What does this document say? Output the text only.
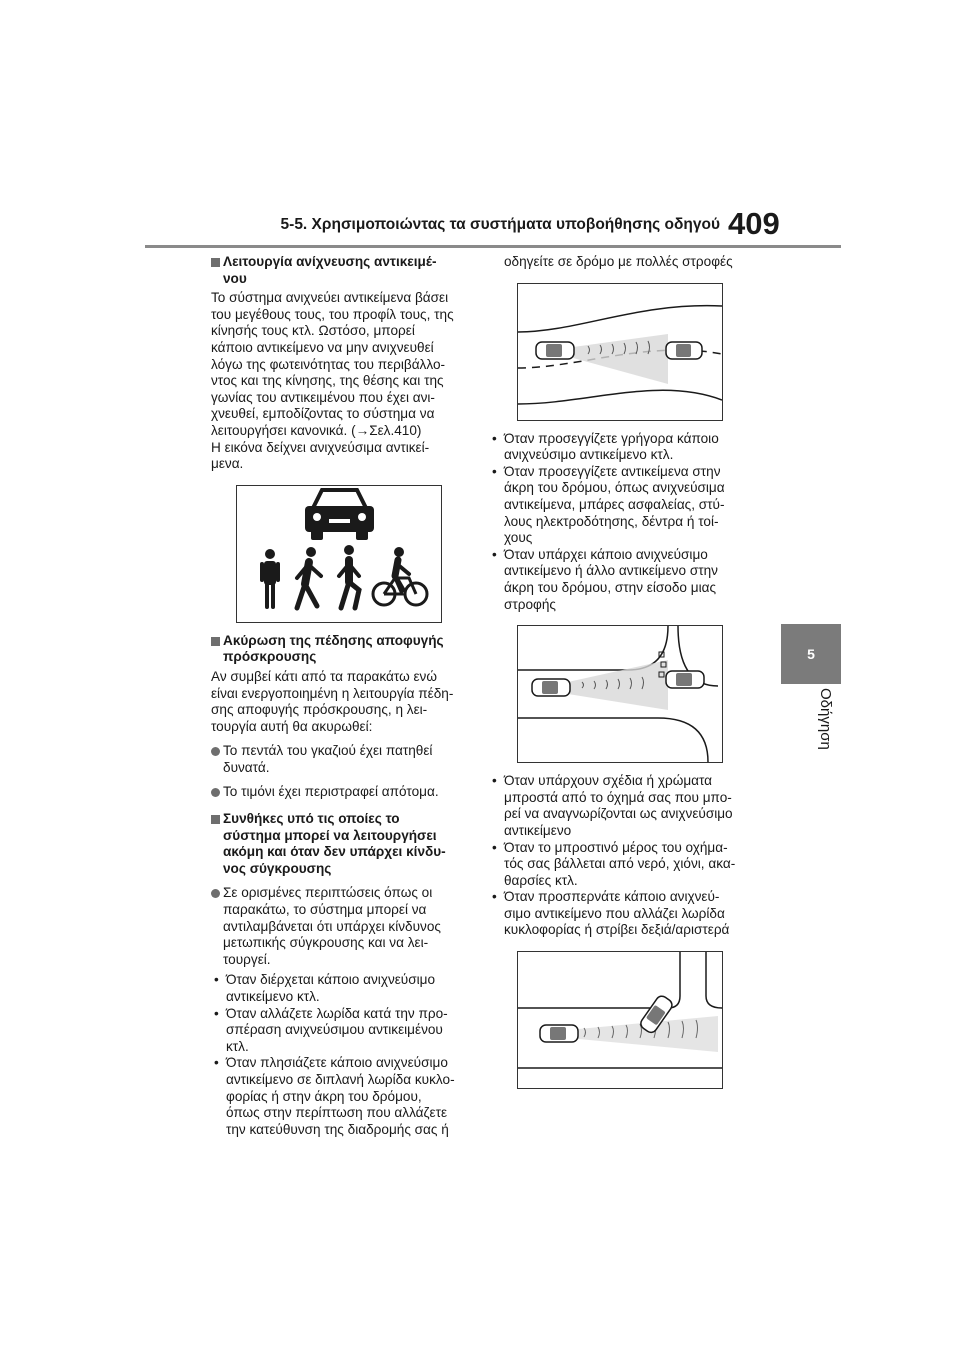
5-5. Χρησιμοποιώντας τα συστήματα υποβοήθησης οδηγού 409
5
Οδήγηση
Λειτουργία ανίχνευσης αντικειμέ-
νου

Το σύστημα ανιχνεύει αντικείμενα βάσει
του μεγέθους τους, του προφίλ τους, της
κίνησής τους κτλ. Ωστόσο, μπορεί
κάποιο αντικείμενο να μην ανιχνευθεί
λόγω της φωτεινότητας του περιβάλλο-
ντος και της κίνησης, της θέσης και της
γωνίας του αντικειμένου που έχει ανι-
χνευθεί, εμποδίζοντας το σύστημα να
λειτουργήσει κανονικά. (→Σελ.410)
Η εικόνα δείχνει ανιχνεύσιμα αντικεί-
μενα.

Ακύρωση της πέδησης αποφυγής
πρόσκρουσης

Αν συμβεί κάτι από τα παρακάτω ενώ
είναι ενεργοποιημένη η λειτουργία πέδη-
σης αποφυγής πρόσκρουσης, η λει-
τουργία αυτή θα ακυρωθεί:

Το πεντάλ του γκαζιού έχει πατηθεί
δυνατά.
Το τιμόνι έχει περιστραφεί απότομα.
Συνθήκες υπό τις οποίες το
σύστημα μπορεί να λειτουργήσει
ακόμη και όταν δεν υπάρχει κίνδυ-
νος σύγκρουσης
Σε ορισμένες περιπτώσεις όπως οι
παρακάτω, το σύστημα μπορεί να
αντιλαμβάνεται ότι υπάρχει κίνδυνος
μετωπικής σύγκρουσης και να λει-
τουργεί.
• Όταν διέρχεται κάποιο ανιχνεύσιμο
αντικείμενο κτλ.
• Όταν αλλάζετε λωρίδα κατά την προ-
σπέραση ανιχνεύσιμου αντικειμένου
κτλ.
• Όταν πλησιάζετε κάποιο ανιχνεύσιμο
αντικείμενο σε διπλανή λωρίδα κυκλο-
φορίας ή στην άκρη του δρόμου,
όπως στην περίπτωση που αλλάζετε
την κατεύθυνση της διαδρομής σας ή

οδηγείτε σε δρόμο με πολλές στροφές

• Όταν προσεγγίζετε γρήγορα κάποιο
ανιχνεύσιμο αντικείμενο κτλ.
• Όταν προσεγγίζετε αντικείμενα στην
άκρη του δρόμου, όπως ανιχνεύσιμα
αντικείμενα, μπάρες ασφαλείας, στύ-
λους ηλεκτροδότησης, δέντρα ή τοί-
χους
• Όταν υπάρχει κάποιο ανιχνεύσιμο
αντικείμενο ή άλλο αντικείμενο στην
άκρη του δρόμου, στην είσοδο μιας
στροφής
• Όταν υπάρχουν σχέδια ή χρώματα
μπροστά από το όχημά σας που μπο-
ρεί να αναγνωρίζονται ως ανιχνεύσιμο
αντικείμενο
• Όταν το μπροστινό μέρος του οχήμα-
τός σας βάλλεται από νερό, χιόνι, ακα-
θαρσίες κτλ.
• Όταν προσπερνάτε κάποιο ανιχνεύ-
σιμο αντικείμενο που αλλάζει λωρίδα
κυκλοφορίας ή στρίβει δεξιά/αριστερά
